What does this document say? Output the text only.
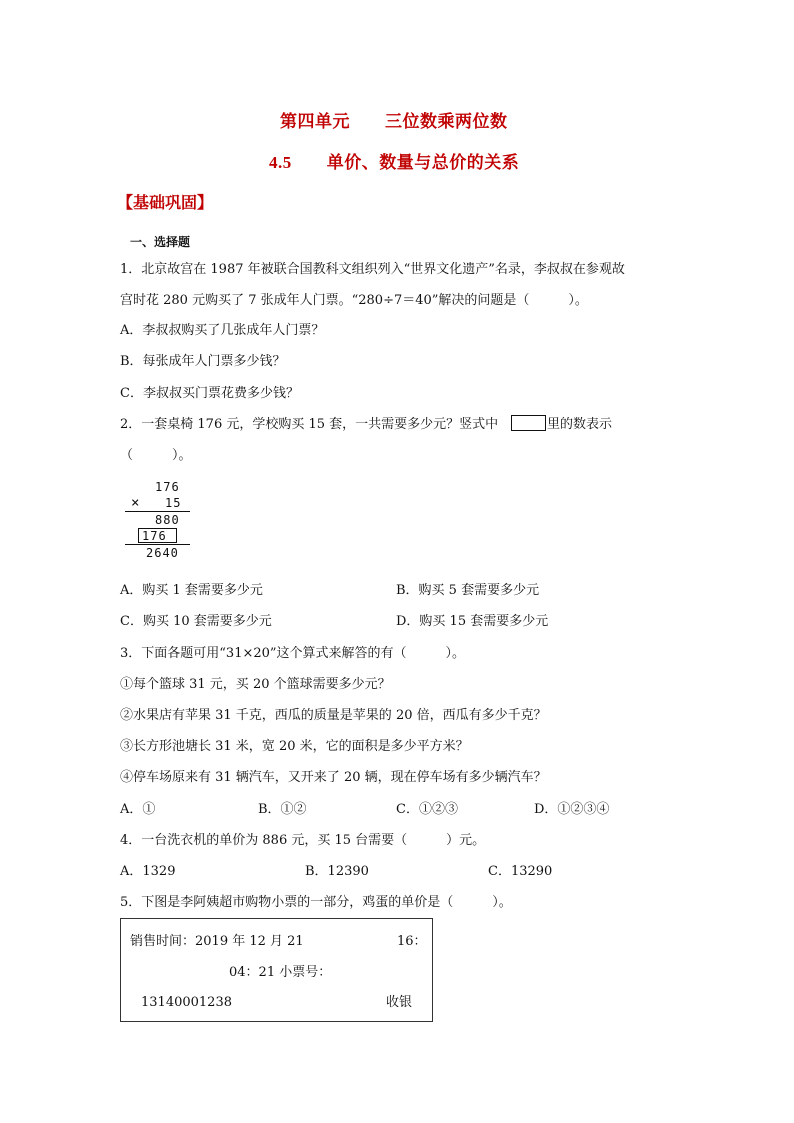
第四单元　　三位数乘两位数
4.5　　单价、数量与总价的关系
【基础巩固】
一、选择题
1．北京故宫在 1987 年被联合国教科文组织列入“世界文化遗产”名录，李叔叔在参观故
宫时花 280 元购买了 7 张成年人门票。“280÷7＝40”解决的问题是（　　　）。
A．李叔叔购买了几张成年人门票？
B．每张成年人门票多少钱？
C．李叔叔买门票花费多少钱？
2．一套桌椅 176 元，学校购买 15 套，一共需要多少元？竖式中	里的数表示
（　　　）。
176
× 15
880
176
2640
A．购买 1 套需要多少元	B．购买 5 套需要多少元
C．购买 10 套需要多少元	D．购买 15 套需要多少元
3．下面各题可用“31×20”这个算式来解答的有（　　　）。
①每个篮球 31 元，买 20 个篮球需要多少元？
②水果店有苹果 31 千克，西瓜的质量是苹果的 20 倍，西瓜有多少千克？
③长方形池塘长 31 米，宽 20 米，它的面积是多少平方米？
④停车场原来有 31 辆汽车，又开来了 20 辆，现在停车场有多少辆汽车？
A．①	B．①②	C．①②③	D．①②③④
4．一台洗衣机的单价为 886 元，买 15 台需要（　　　）元。
A．1329	B．12390	C．13290
5．下图是李阿姨超市购物小票的一部分，鸡蛋的单价是（　　　）。
销售时间：2019 年 12 月 21	16：
04：21 小票号：
13140001238	收银
